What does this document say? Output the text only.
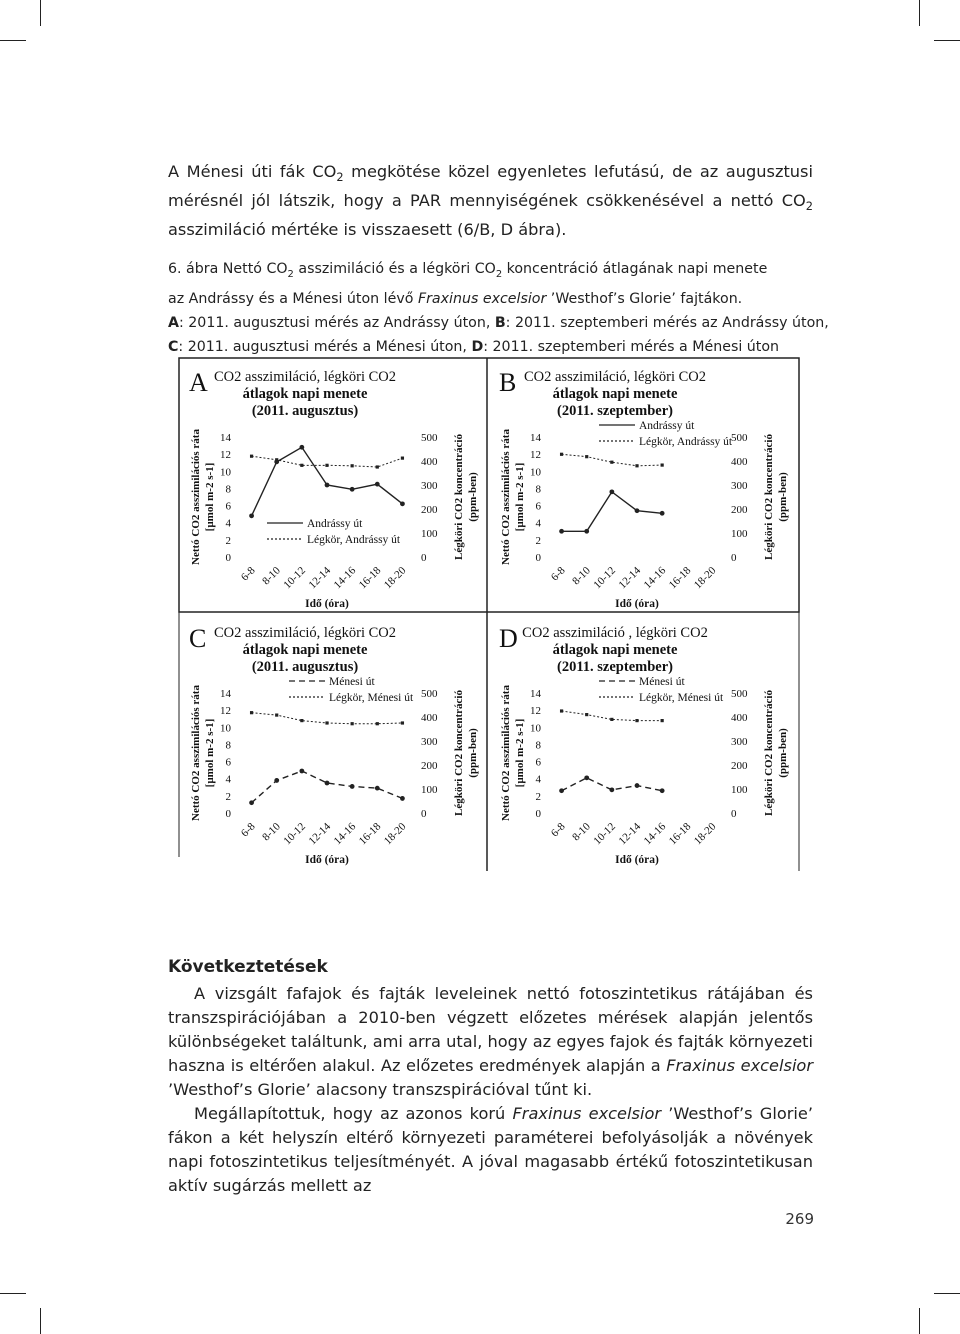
A Ménesi úti fák $CO_2$ megkötése közel egyenletes lefutású, de az augusztusi mérésnél jól látszik, hogy a PAR mennyiségének csökkenésével a nettó $CO_2$ asszimiláció mértéke is visszaesett (6/B, D ábra).

6. ábra Nettó $CO_2$ asszimiláció és a légköri $CO_2$ koncentráció átlagának napi menete

az Andrássy és a Ménesi úton lévő Fraxinus excelsior ’Westhof’s Glorie’ fajtákon.

A: 2011. augusztusi mérés az Andrássy úton, B: 2011. szeptemberi mérés az Andrássy úton,

C: 2011. augusztusi mérés a Ménesi úton, D: 2011. szeptemberi mérés a Ménesi úton

A CO2 asszimiláció, légköri CO2
átlagok napi menete
(2011. augusztus)
Nettó CO2 asszimilációs ráta [µmol m-2 s-1]	Légköri CO2 koncentráció (ppm-ben)
0
2
4
6
8
10
12
14
0
100
200
300
400
500
6-8 8-10
10-12
12-14
14-16
16-18
18-20
Idő (óra)
Andrássy út
Légkör, Andrássy út
B CO2 asszimiláció, légköri CO2
átlagok napi menete
(2011. szeptember)
Nettó CO2 asszimilációs ráta [µmol m-2 s-1]	Légköri CO2 koncentráció (ppm-ben)
0
2
4
6
8
10
12
14
0
100
200
300
400
500
6-8 8-10
10-12
12-14
14-16
16-18
18-20
Idő (óra)
Andrássy út
Légkör, Andrássy út
C CO2 asszimiláció, légköri CO2
átlagok napi menete
(2011. augusztus)
Nettó CO2 asszimilációs ráta [µmol m-2 s-1]	Légköri CO2 koncentráció (ppm-ben)
0
2
4
6
8
10
12
14
0
100
200
300
400
500
6-8 8-10
10-12
12-14
14-16
16-18
18-20
Idő (óra)
Ménesi út
Légkör, Ménesi út
D CO2 asszimiláció , légköri CO2
átlagok napi menete
(2011. szeptember)
Nettó CO2 asszimilációs ráta [µmol m-2 s-1]	Légköri CO2 koncentráció (ppm-ben)
0
2
4
6
8
10
12
14
0
100
200
300
400
500
6-8 8-10
10-12
12-14
14-16
16-18
18-20
Idő (óra)
Ménesi út
Légkör, Ménesi út
Következtetések

A vizsgált fafajok és fajták leveleinek nettó fotoszintetikus rátájában és transzspirációjában a 2010-ben végzett előzetes mérések alapján jelentős különbségeket találtunk, ami arra utal, hogy az egyes fajok és fajták környezeti haszna is eltérően alakul. Az előzetes eredmények alapján a Fraxinus excelsior ’Westhof’s Glorie’ alacsony transzspirációval tűnt ki.

Megállapítottuk, hogy az azonos korú Fraxinus excelsior ’Westhof’s Glorie’ fákon a két helyszín eltérő környezeti paraméterei befolyásolják a növények napi fotoszintetikus teljesítményét. A jóval magasabb értékű fotoszintetikusan aktív sugárzás mellett az

269
